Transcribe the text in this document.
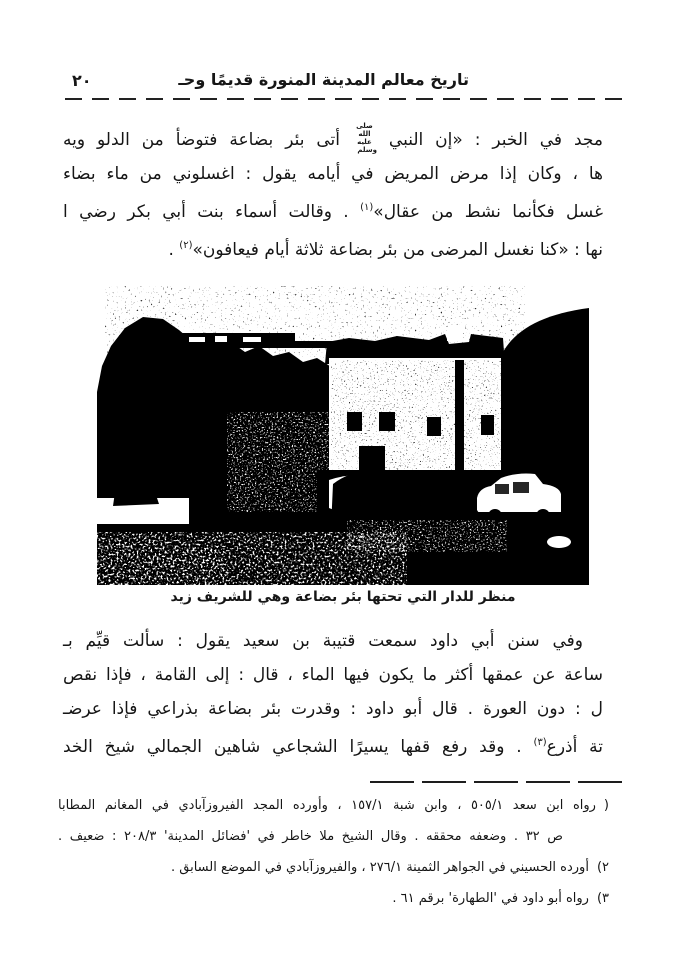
تاريخ معالم المدينة المنورة قديمًا وحـ
٢٠
مجد في الخبر : «إن النبي صلى الله عليه وسلم أتى بئر بضاعة فتوضأ من الدلو ويه
ها ، وكان إذا مرض المريض في أيامه يقول : اغسلوني من ماء بضاء
غسل فكأنما نشط من عقال»$^{(١)}$ . وقالت أسماء بنت أبي بكر رضي ا
نها : «كنا نغسل المرضى من بئر بضاعة ثلاثة أيام فيعافون»$^{(٢)}$ .
منظر للدار التي تحتها بئر بضاعة وهي للشريف زيد
وفي سنن أبي داود سمعت قتيبة بن سعيد يقول : سألت قيِّم بـ
ساعة عن عمقها أكثر ما يكون فيها الماء ، قال : إلى القامة ، فإذا نقص
ل : دون العورة . قال أبو داود : وقدرت بئر بضاعة بذراعي فإذا عرضـ
تة أذرع$^{(٣)}$ . وقد رفع قفها يسيرًا الشجاعي شاهين الجمالي شيخ الخد
(رواه ابن سعد ٥٠٥/١ ، وابن شبة ١٥٧/١ ، وأورده المجد الفيروزآبادي في المغانم المطابا
ص ٣٢ . وضعفه محققه . وقال الشيخ ملا خاطر في 'فضائل المدينة' ٢٠٨/٣ : ضعيف .
٢)أورده الحسيني في الجواهر الثمينة ٢٧٦/١ ، والفيروزآبادي في الموضع السابق .
٣)رواه أبو داود في 'الطهارة' برقم ٦١ .
